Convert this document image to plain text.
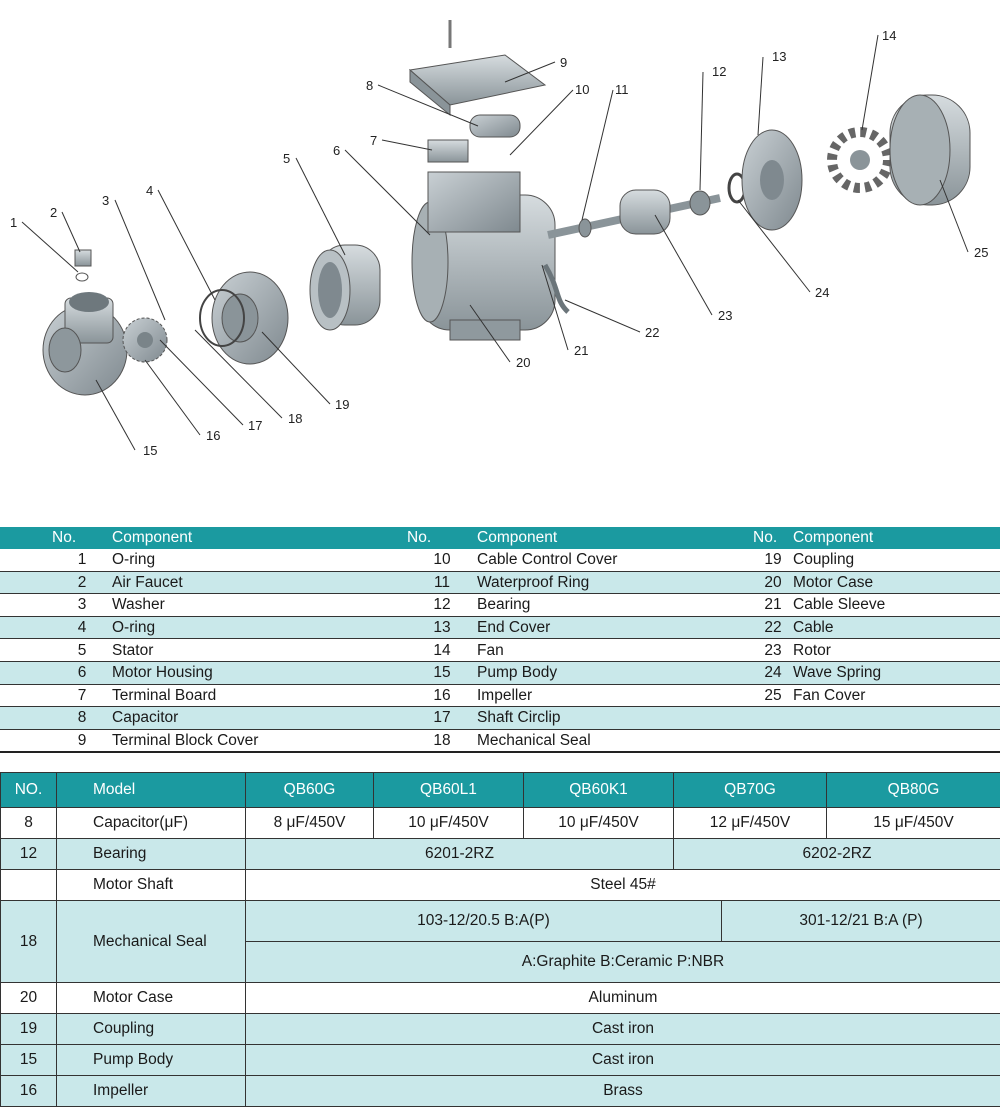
1
2
3
4
5
6
7
8
9
10 11
12
13
14
25
15
16
17 18
19
20
21
22
23
24
	No.	Component		No.	Component		No.	Component
	1	O-ring		10	Cable Control Cover		19	Coupling
	2	Air Faucet		11	Waterproof Ring		20	Motor Case
	3	Washer		12	Bearing		21	Cable Sleeve
	4	O-ring		13	End Cover		22	Cable
	5	Stator		14	Fan		23	Rotor
	6	Motor Housing		15	Pump Body		24	Wave Spring
	7	Terminal Board		16	Impeller		25	Fan Cover
	8	Capacitor		17	Shaft Circlip			
	9	Terminal Block Cover		18	Mechanical Seal			
NO.	Model	QB60G	QB60L1	QB60K1	QB70G		QB80G
8	Capacitor(μF)	8 μF/450V	10 μF/450V	10 μF/450V	12 μF/450V		15 μF/450V
12	Bearing	6201-2RZ			6202-2RZ		
	Motor Shaft	Steel 45#					
18	Mechanical Seal	103-12/20.5 B:A(P)				301-12/21 B:A (P)	
		A:Graphite B:Ceramic P:NBR					
20	Motor Case	Aluminum					
19	Coupling	Cast iron					
15	Pump Body	Cast iron					
16	Impeller	Brass					
